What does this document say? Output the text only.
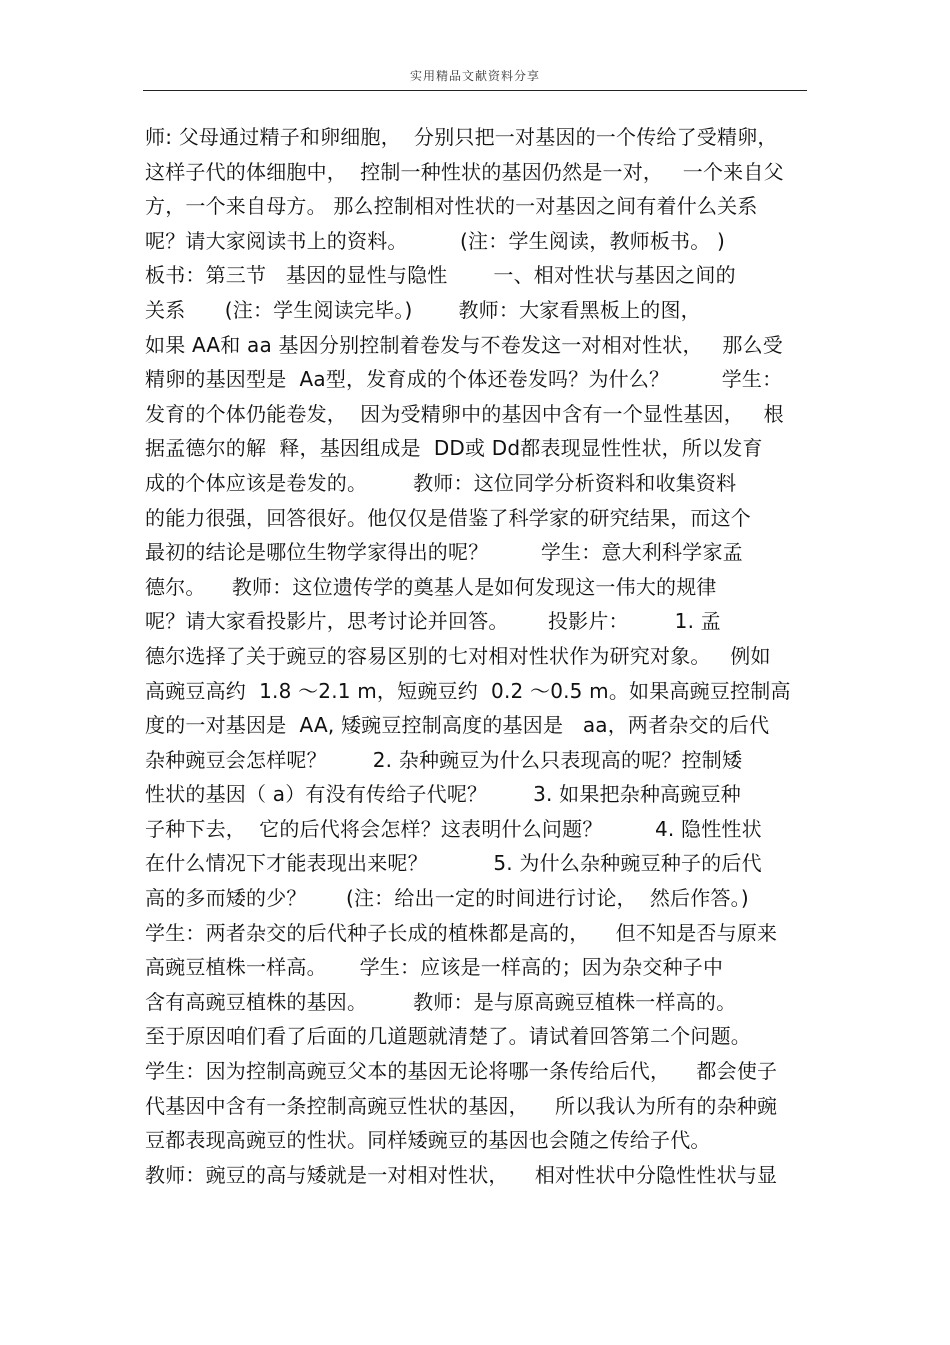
实用精品文献资料分享
师: 父母通过精子和卵细胞，  分别只把一对基因的一个传给了受精卵，
这样子代的体细胞中，  控制一种性状的基因仍然是一对，   一个来自父
方，一个来自母方。 那么控制相对性状的一对基因之间有着什么关系
呢？请大家阅读书上的资料。        (注：学生阅读，教师板书。 )
板书：第三节   基因的显性与隐性       一、相对性状与基因之间的
关系      (注：学生阅读完毕。)       教师：大家看黑板上的图，
如果 AA和 aa 基因分别控制着卷发与不卷发这一对相对性状，   那么受
精卵的基因型是  Aa型，发育成的个体还卷发吗？为什么？        学生：
发育的个体仍能卷发，  因为受精卵中的基因中含有一个显性基因，   根
据孟德尔的解  释，基因组成是  DD或 Dd都表现显性性状，所以发育
成的个体应该是卷发的。       教师：这位同学分析资料和收集资料
的能力很强，回答很好。他仅仅是借鉴了科学家的研究结果，而这个
最初的结论是哪位生物学家得出的呢？        学生：意大利科学家孟
德尔。    教师：这位遗传学的奠基人是如何发现这一伟大的规律
呢？请大家看投影片，思考讨论并回答。      投影片：       1. 孟
德尔选择了关于豌豆的容易区别的七对相对性状作为研究对象。   例如
高豌豆高约  1.8 ～2.1 m，短豌豆约  0.2 ～0.5 m。如果高豌豆控制高
度的一对基因是  AA, 矮豌豆控制高度的基因是   aa，两者杂交的后代
杂种豌豆会怎样呢？       2. 杂种豌豆为什么只表现高的呢？控制矮
性状的基因（ a）有没有传给子代呢？       3. 如果把杂种高豌豆种
子种下去，  它的后代将会怎样？这表明什么问题？        4. 隐性性状
在什么情况下才能表现出来呢？          5. 为什么杂种豌豆种子的后代
高的多而矮的少？      (注：给出一定的时间进行讨论，  然后作答。)
学生：两者杂交的后代种子长成的植株都是高的，    但不知是否与原来
高豌豆植株一样高。     学生：应该是一样高的；因为杂交种子中
含有高豌豆植株的基因。       教师：是与原高豌豆植株一样高的。
至于原因咱们看了后面的几道题就清楚了。请试着回答第二个问题。
学生：因为控制高豌豆父本的基因无论将哪一条传给后代，    都会使子
代基因中含有一条控制高豌豆性状的基因，    所以我认为所有的杂种豌
豆都表现高豌豆的性状。同样矮豌豆的基因也会随之传给子代。
教师：豌豆的高与矮就是一对相对性状，    相对性状中分隐性性状与显
